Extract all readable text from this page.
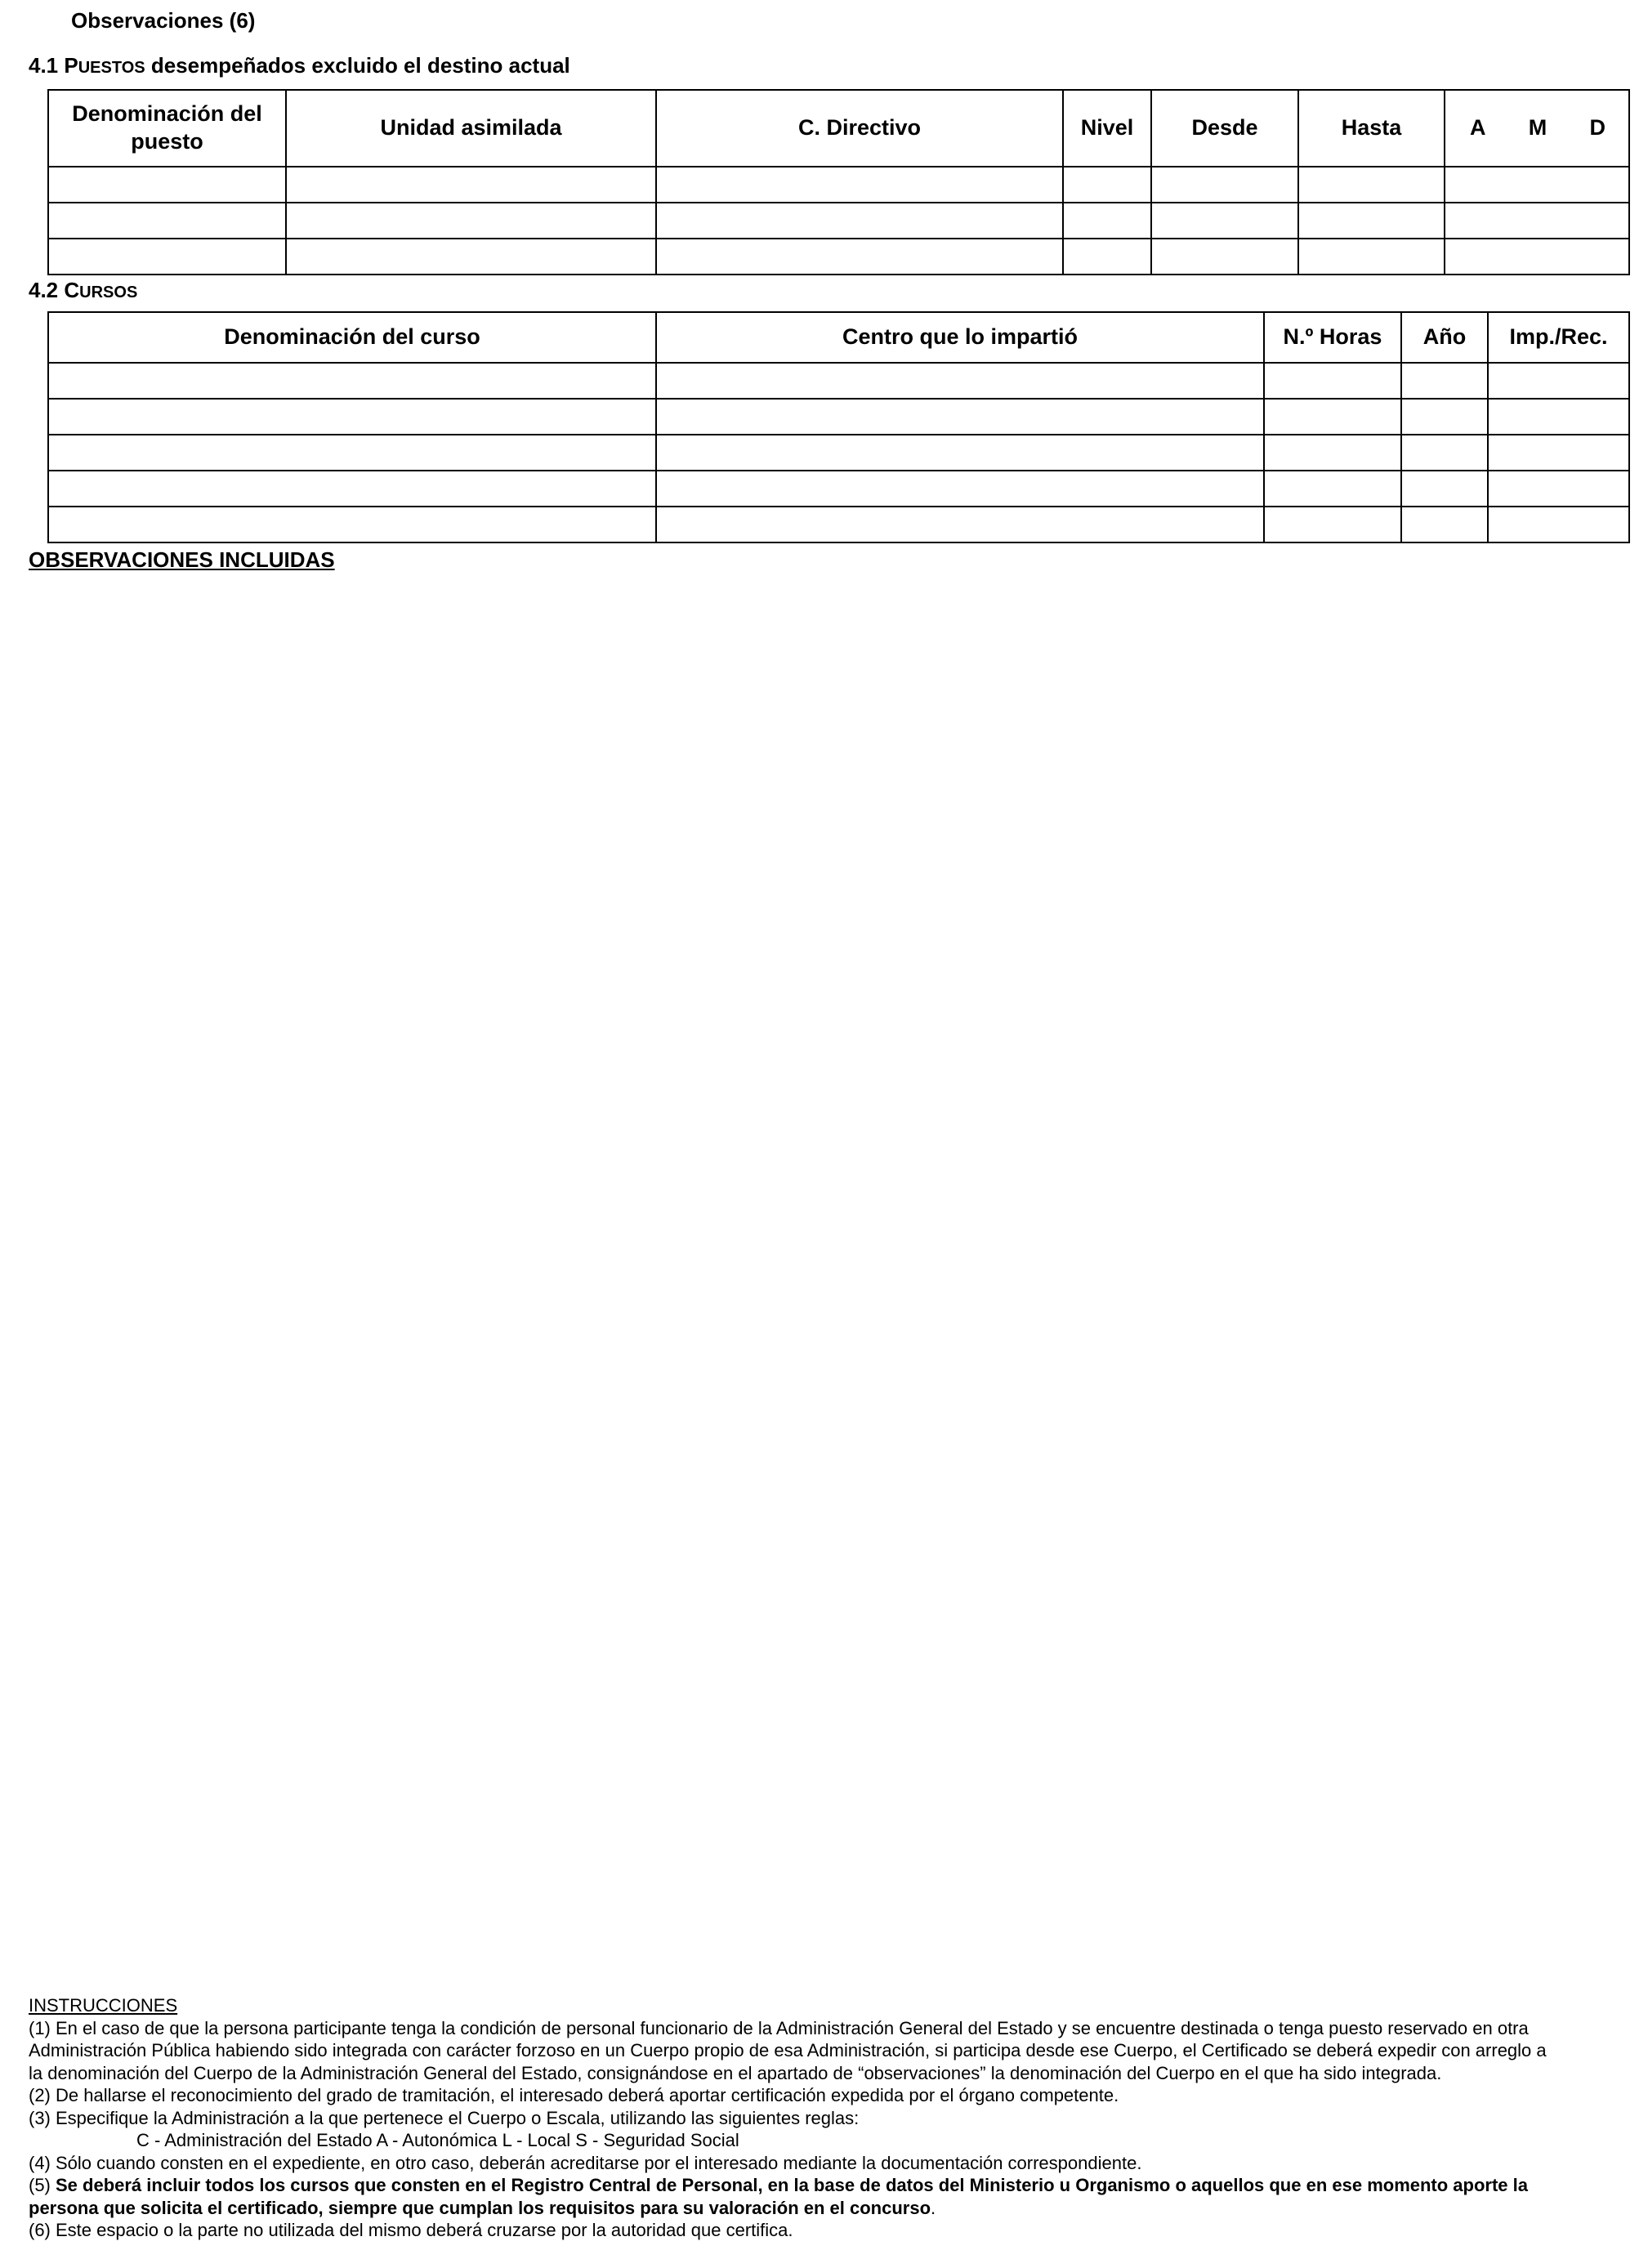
Observaciones (6)
4.1 PUESTOS desempeñados excluido el destino actual
Denominación del puesto	Unidad asimilada	C. Directivo	Nivel	Desde	Hasta	A M D

4.2 CURSOS
Denominación del curso	Centro que lo impartió	N.º Horas	Año	Imp./Rec.

OBSERVACIONES INCLUIDAS
INSTRUCCIONES
(1) En el caso de que la persona participante tenga la condición de personal funcionario de la Administración General del Estado y se encuentre destinada o tenga puesto reservado en otra
Administración Pública habiendo sido integrada con carácter forzoso en un Cuerpo propio de esa Administración, si participa desde ese Cuerpo, el Certificado se deberá expedir con arreglo a
la denominación del Cuerpo de la Administración General del Estado, consignándose en el apartado de “observaciones” la denominación del Cuerpo en el que ha sido integrada.
(2) De hallarse el reconocimiento del grado de tramitación, el interesado deberá aportar certificación expedida por el órgano competente.
(3) Especifique la Administración a la que pertenece el Cuerpo o Escala, utilizando las siguientes reglas:
C - Administración del Estado A - Autonómica L - Local S - Seguridad Social
(4) Sólo cuando consten en el expediente, en otro caso, deberán acreditarse por el interesado mediante la documentación correspondiente.
(5) Se deberá incluir todos los cursos que consten en el Registro Central de Personal, en la base de datos del Ministerio u Organismo o aquellos que en ese momento aporte la
persona que solicita el certificado, siempre que cumplan los requisitos para su valoración en el concurso.
(6) Este espacio o la parte no utilizada del mismo deberá cruzarse por la autoridad que certifica.
